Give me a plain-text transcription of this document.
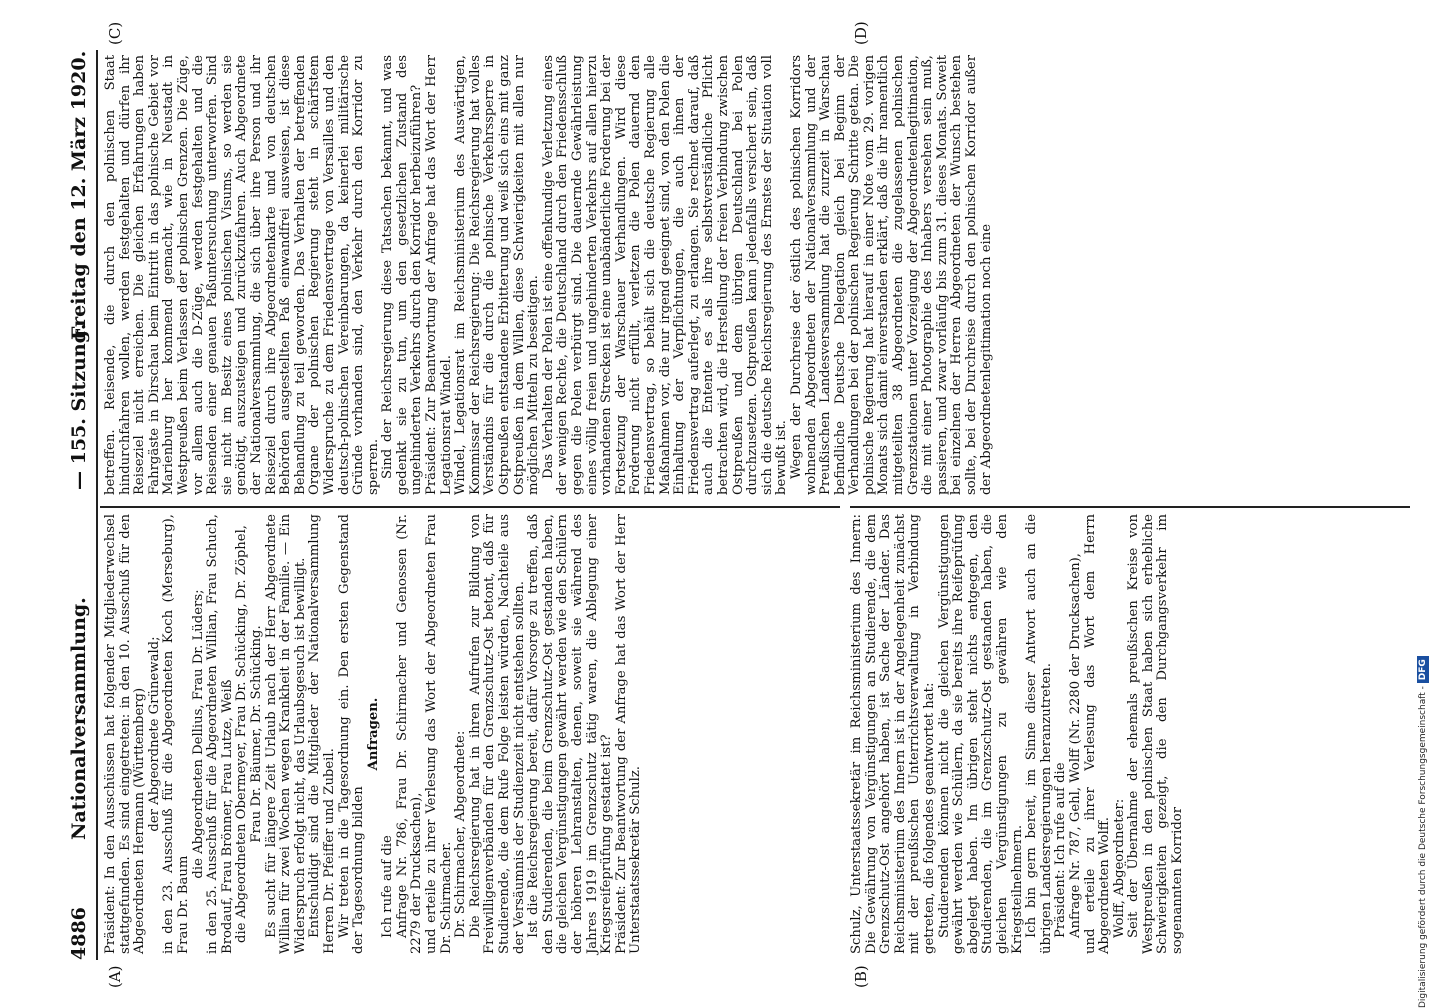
4886
Nationalversammlung.
— 155. Sitzung.
Freitag den 12. März 1920.
(A)	(B)
(C)	(D)

Präsident: In den Ausschüssen hat folgender Mitgliederwechsel stattgefunden. Es sind eingetreten: in den 10. Ausschuß für den Abgeordneten Hermann (Württemberg) der Abgeordnete Grünewald; in den 23. Ausschuß für die Abgeordneten Koch (Merseburg), Frau Dr. Baum

die Abgeordneten Dellius, Frau Dr. Lüders; in den 25. Ausschuß für die Abgeordneten Willian, Frau Schuch, Brodauf, Frau Brönner, Frau Lutze, Weiß die Abgeordneten Obermeyer, Frau Dr. Schücking, Dr. Zöphel, Frau Dr. Bäumer, Dr. Schücking. Es sucht für längere Zeit Urlaub nach der Herr Abgeordnete Willian für zwei Wochen wegen Krankheit in der Familie. — Ein Widerspruch erfolgt nicht, das Urlaubsgesuch ist bewilligt. Entschuldigt sind die Mitglieder der Nationalversammlung Herren Dr. Pfeiffer und Zubeil. Wir treten in die Tagesordnung ein. Den ersten Gegenstand der Tagesordnung bilden

Anfragen.

Ich rufe auf die Anfrage Nr. 786, Frau Dr. Schirmacher und Genossen (Nr. 2279 der Drucksachen), und erteile zu ihrer Verlesung das Wort der Abgeordneten Frau Dr. Schirmacher. Dr. Schirmacher, Abgeordnete: Die Reichsregierung hat in ihren Aufrufen zur Bildung von Freiwilligenverbänden für den Grenzschutz-Ost betont, daß für Studierende, die dem Rufe Folge leisten würden, Nachteile aus der Versäumnis der Studienzeit nicht entstehen sollten. Ist die Reichsregierung bereit, dafür Vorsorge zu treffen, daß den Studierenden, die beim Grenzschutz-Ost gestanden haben, die gleichen Vergünstigungen gewährt werden wie den Schülern der höheren Lehranstalten, denen, soweit sie während des Jahres 1919 im Grenzschutz tätig waren, die Ablegung einer Kriegsreifeprüfung gestattet ist? Präsident: Zur Beantwortung der Anfrage hat das Wort der Herr Unterstaatssekretär Schulz.	Schulz, Unterstaatssekretär im Reichsministerium des Innern: Die Gewährung von Vergünstigungen an Studierende, die dem Grenzschutz-Ost angehört haben, ist Sache der Länder. Das Reichsministerium des Innern ist in der Angelegenheit zunächst mit der preußischen Unterrichtsverwaltung in Verbindung getreten, die folgendes geantwortet hat: Studierenden können nicht die gleichen Vergünstigungen gewährt werden wie Schülern, da sie bereits ihre Reifeprüfung abgelegt haben. Im übrigen steht nichts entgegen, den Studierenden, die im Grenzschutz-Ost gestanden haben, die gleichen Vergünstigungen zu gewähren wie den Kriegsteilnehmern. Ich bin gern bereit, im Sinne dieser Antwort auch an die übrigen Landesregierungen heranzutreten. Präsident: Ich rufe auf die Anfrage Nr. 787, Gehl, Wolff (Nr. 2280 der Drucksachen), und erteile zu ihrer Verlesung das Wort dem Herrn Abgeordneten Wolff. Wolff, Abgeordneter: Seit der Übernahme der ehemals preußischen Kreise von Westpreußen in den polnischen Staat haben sich erhebliche Schwierigkeiten gezeigt, die den Durchgangsverkehr im sogenannten Korridor

betreffen. Reisende, die durch den polnischen Staat hindurchfahren wollen, werden festgehalten und dürfen ihr Reiseziel nicht erreichen. Die gleichen Erfahrungen haben Fahrgäste in Dirschau beim Eintritt in das polnische Gebiet vor Marienburg her kommend gemacht, wie in Neustadt in Westpreußen beim Verlassen der polnischen Grenzen. Die Züge, vor allem auch die D-Züge, werden festgehalten und die Reisenden einer genauen Paßuntersuchung unterworfen. Sind sie nicht im Besitz eines polnischen Visums, so werden sie genötigt, auszusteigen und zurückzufahren. Auch Abgeordnete der Nationalversammlung, die sich über ihre Person und ihr Reiseziel durch ihre Abgeordnetenkarte und von deutschen Behörden ausgestellten Paß einwandfrei ausweisen, ist diese Behandlung zu teil geworden. Das Verhalten der betreffenden Organe der polnischen Regierung steht in schärfstem Widerspruche zu dem Friedensvertrage von Versailles und den deutsch-polnischen Vereinbarungen, da keinerlei militärische Gründe vorhanden sind, den Verkehr durch den Korridor zu sperren. Sind der Reichsregierung diese Tatsachen bekannt, und was gedenkt sie zu tun, um den gesetzlichen Zustand des ungehinderten Verkehrs durch den Korridor herbeizuführen? Präsident: Zur Beantwortung der Anfrage hat das Wort der Herr Legationsrat Windel. Windel, Legationsrat im Reichsministerium des Auswärtigen, Kommissar der Reichsregierung: Die Reichsregierung hat volles Verständnis für die durch die polnische Verkehrssperre in Ostpreußen entstandene Erbitterung und weiß sich eins mit ganz Ostpreußen in dem Willen, diese Schwierigkeiten mit allen nur möglichen Mitteln zu beseitigen. Das Verhalten der Polen ist eine offenkundige Verletzung eines der wenigen Rechte, die Deutschland durch den Friedensschluß gegen die Polen verbürgt sind. Die dauernde Gewährleistung eines völlig freien und ungehinderten Verkehrs auf allen hierzu vorhandenen Strecken ist eine unabänderliche Forderung bei der Fortsetzung der Warschauer Verhandlungen. Wird diese Forderung nicht erfüllt, verletzen die Polen dauernd den Friedensvertrag, so behält sich die deutsche Regierung alle Maßnahmen vor, die nur irgend geeignet sind, von den Polen die Einhaltung der Verpflichtungen, die auch ihnen der Friedensvertrag auferlegt, zu erlangen. Sie rechnet darauf, daß auch die Entente es als ihre selbstverständliche Pflicht betrachten wird, die Herstellung der freien Verbindung zwischen Ostpreußen und dem übrigen Deutschland bei Polen durchzusetzen. Ostpreußen kann jedenfalls versichert sein, daß sich die deutsche Reichsregierung des Ernstes der Situation voll bewußt ist. Wegen der Durchreise der östlich des polnischen Korridors wohnenden Abgeordneten der Nationalversammlung und der Preußischen Landesversammlung hat die zurzeit in Warschau befindliche Deutsche Delegation gleich bei Beginn der Verhandlungen bei der polnischen Regierung Schritte getan. Die polnische Regierung hat hierauf in einer Note vom 29. vorigen Monats sich damit einverstanden erklärt, daß die ihr namentlich mitgeteilten 38 Abgeordneten die zugelassenen polnischen Grenzstationen unter Vorzeigung der Abgeordnetenlegitimation, die mit einer Photographie des Inhabers versehen sein muß, passieren, und zwar vorläufig bis zum 31. dieses Monats. Soweit bei einzelnen der Herren Abgeordneten der Wunsch bestehen sollte, bei der Durchreise durch den polnischen Korridor außer der Abgeordnetenlegitimation noch eine

Digitalisierung gefördert durch die Deutsche Forschungsgemeinschaft - DFG
